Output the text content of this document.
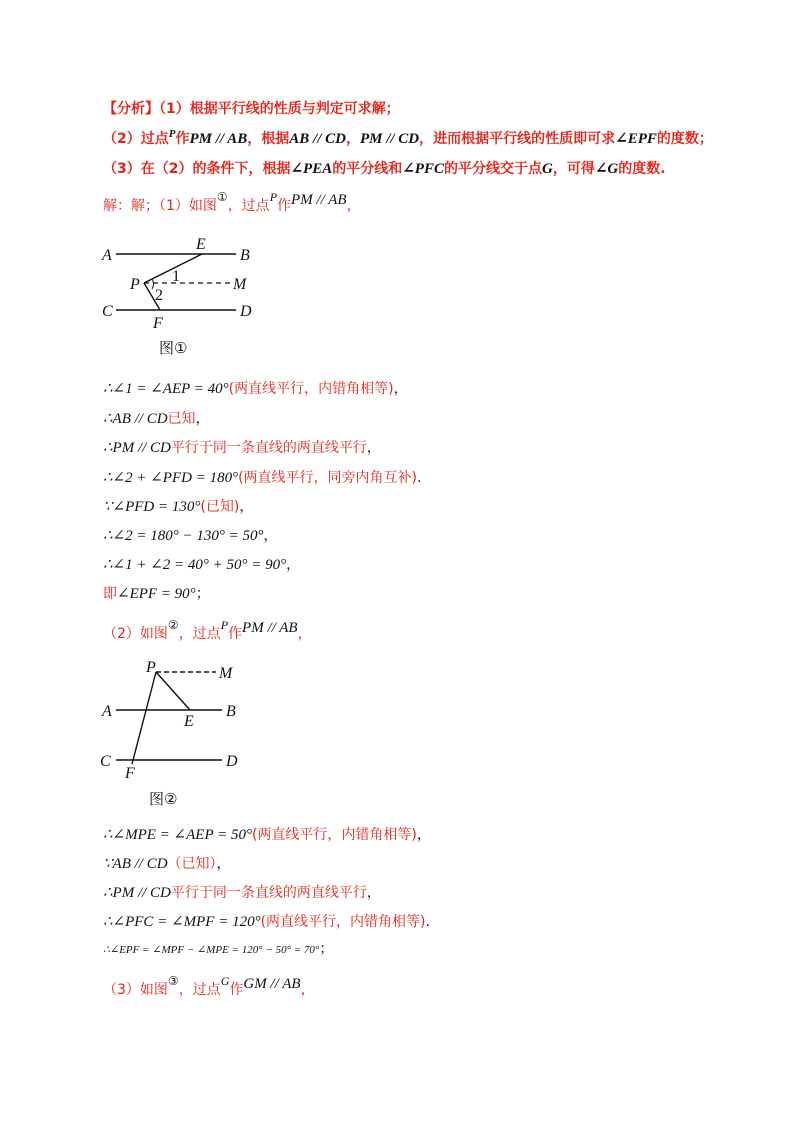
【分析】（1）根据平行线的性质与判定可求解；
（2）过点$^P$作PM // AB，根据AB // CD，PM // CD，进而根据平行线的性质即可求∠EPF的度数；
（3）在（2）的条件下，根据∠PEA的平分线和∠PFC的平分线交于点G，可得∠G的度数.
解：解；（1）如图①，过点P作PM // AB，
A	B
E
P	M
1
2
C	D
F
图①
∴∠1 = ∠AEP = 40°(两直线平行，内错角相等)，
∴AB // CD已知，
∴PM // CD平行于同一条直线的两直线平行，
∴∠2 + ∠PFD = 180°(两直线平行，同旁内角互补).
∵∠PFD = 130°(已知)，
∴∠2 = 180° − 130° = 50°，
∴∠1 + ∠2 = 40° + 50° = 90°，
即∠EPF = 90°；
（2）如图②，过点P作PM // AB，
P	M
A	B
E
C	D
F
图②
∴∠MPE = ∠AEP = 50°(两直线平行，内错角相等)，
∵AB // CD（已知），
∴PM // CD平行于同一条直线的两直线平行，
∴∠PFC = ∠MPF = 120°(两直线平行，内错角相等).
∴∠EPF = ∠MPF − ∠MPE = 120° − 50° = 70°；
（3）如图③，过点G作GM // AB，
